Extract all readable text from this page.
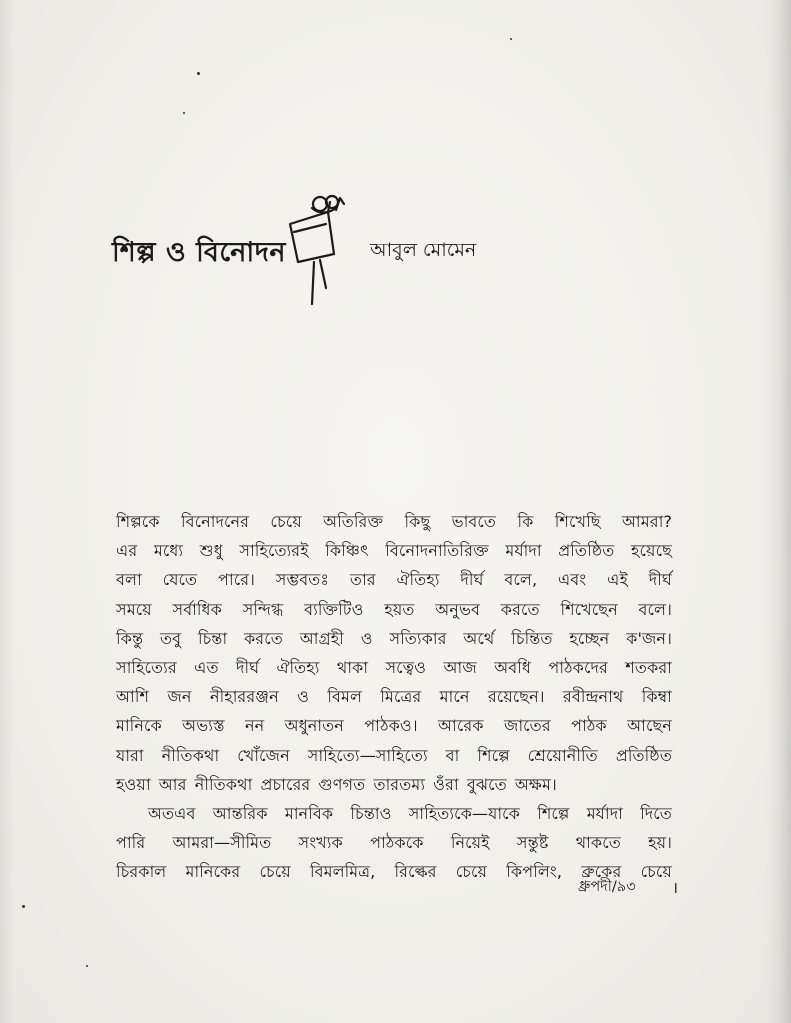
শিল্প ও বিনোদন	আবুল মোমেন
শিল্পকে বিনোদনের চেয়ে অতিরিক্ত কিছু ভাবতে কি শিখেছি আমরা?
এর মধ্যে শুধু সাহিত্যেরই কিঞ্চিৎ বিনোদনাতিরিক্ত মর্যাদা প্রতিষ্ঠিত হয়েছে
বলা যেতে পারে। সম্ভবতঃ তার ঐতিহ্য দীর্ঘ বলে, এবং এই দীর্ঘ
সময়ে সর্বাধিক সন্দিগ্ধ ব্যক্তিটিও হয়ত অনুভব করতে শিখেছেন বলে।
কিন্তু তবু চিন্তা করতে আগ্রহী ও সত্যিকার অর্থে চিন্তিত হচ্ছেন ক'জন।
সাহিত্যের এত দীর্ঘ ঐতিহ্য থাকা সত্বেও আজ অবধি পাঠকদের শতকরা
আশি জন নীহাররঞ্জন ও বিমল মিত্রের মানে রয়েছেন। রবীন্দ্রনাথ কিম্বা
মানিকে অভ্যস্ত নন অধুনাতন পাঠকও। আরেক জাতের পাঠক আছেন
যারা নীতিকথা খোঁজেন সাহিত্যে—সাহিত্যে বা শিল্পে শ্রেয়োনীতি প্রতিষ্ঠিত
হওয়া আর নীতিকথা প্রচারের গুণগত তারতম্য ওঁরা বুঝতে অক্ষম।
অতএব আন্তরিক মানবিক চিন্তাও সাহিত্যকে—যাকে শিল্পে মর্যাদা দিতে
পারি আমরা—সীমিত সংখ্যক পাঠককে নিয়েই সন্তুষ্ট থাকতে হয়।
চিরকাল মানিকের চেয়ে বিমলমিত্র, রিল্কের চেয়ে কিপলিং, ব্রুকের চেয়ে
ধ্রুপদী/৯৩ ।
